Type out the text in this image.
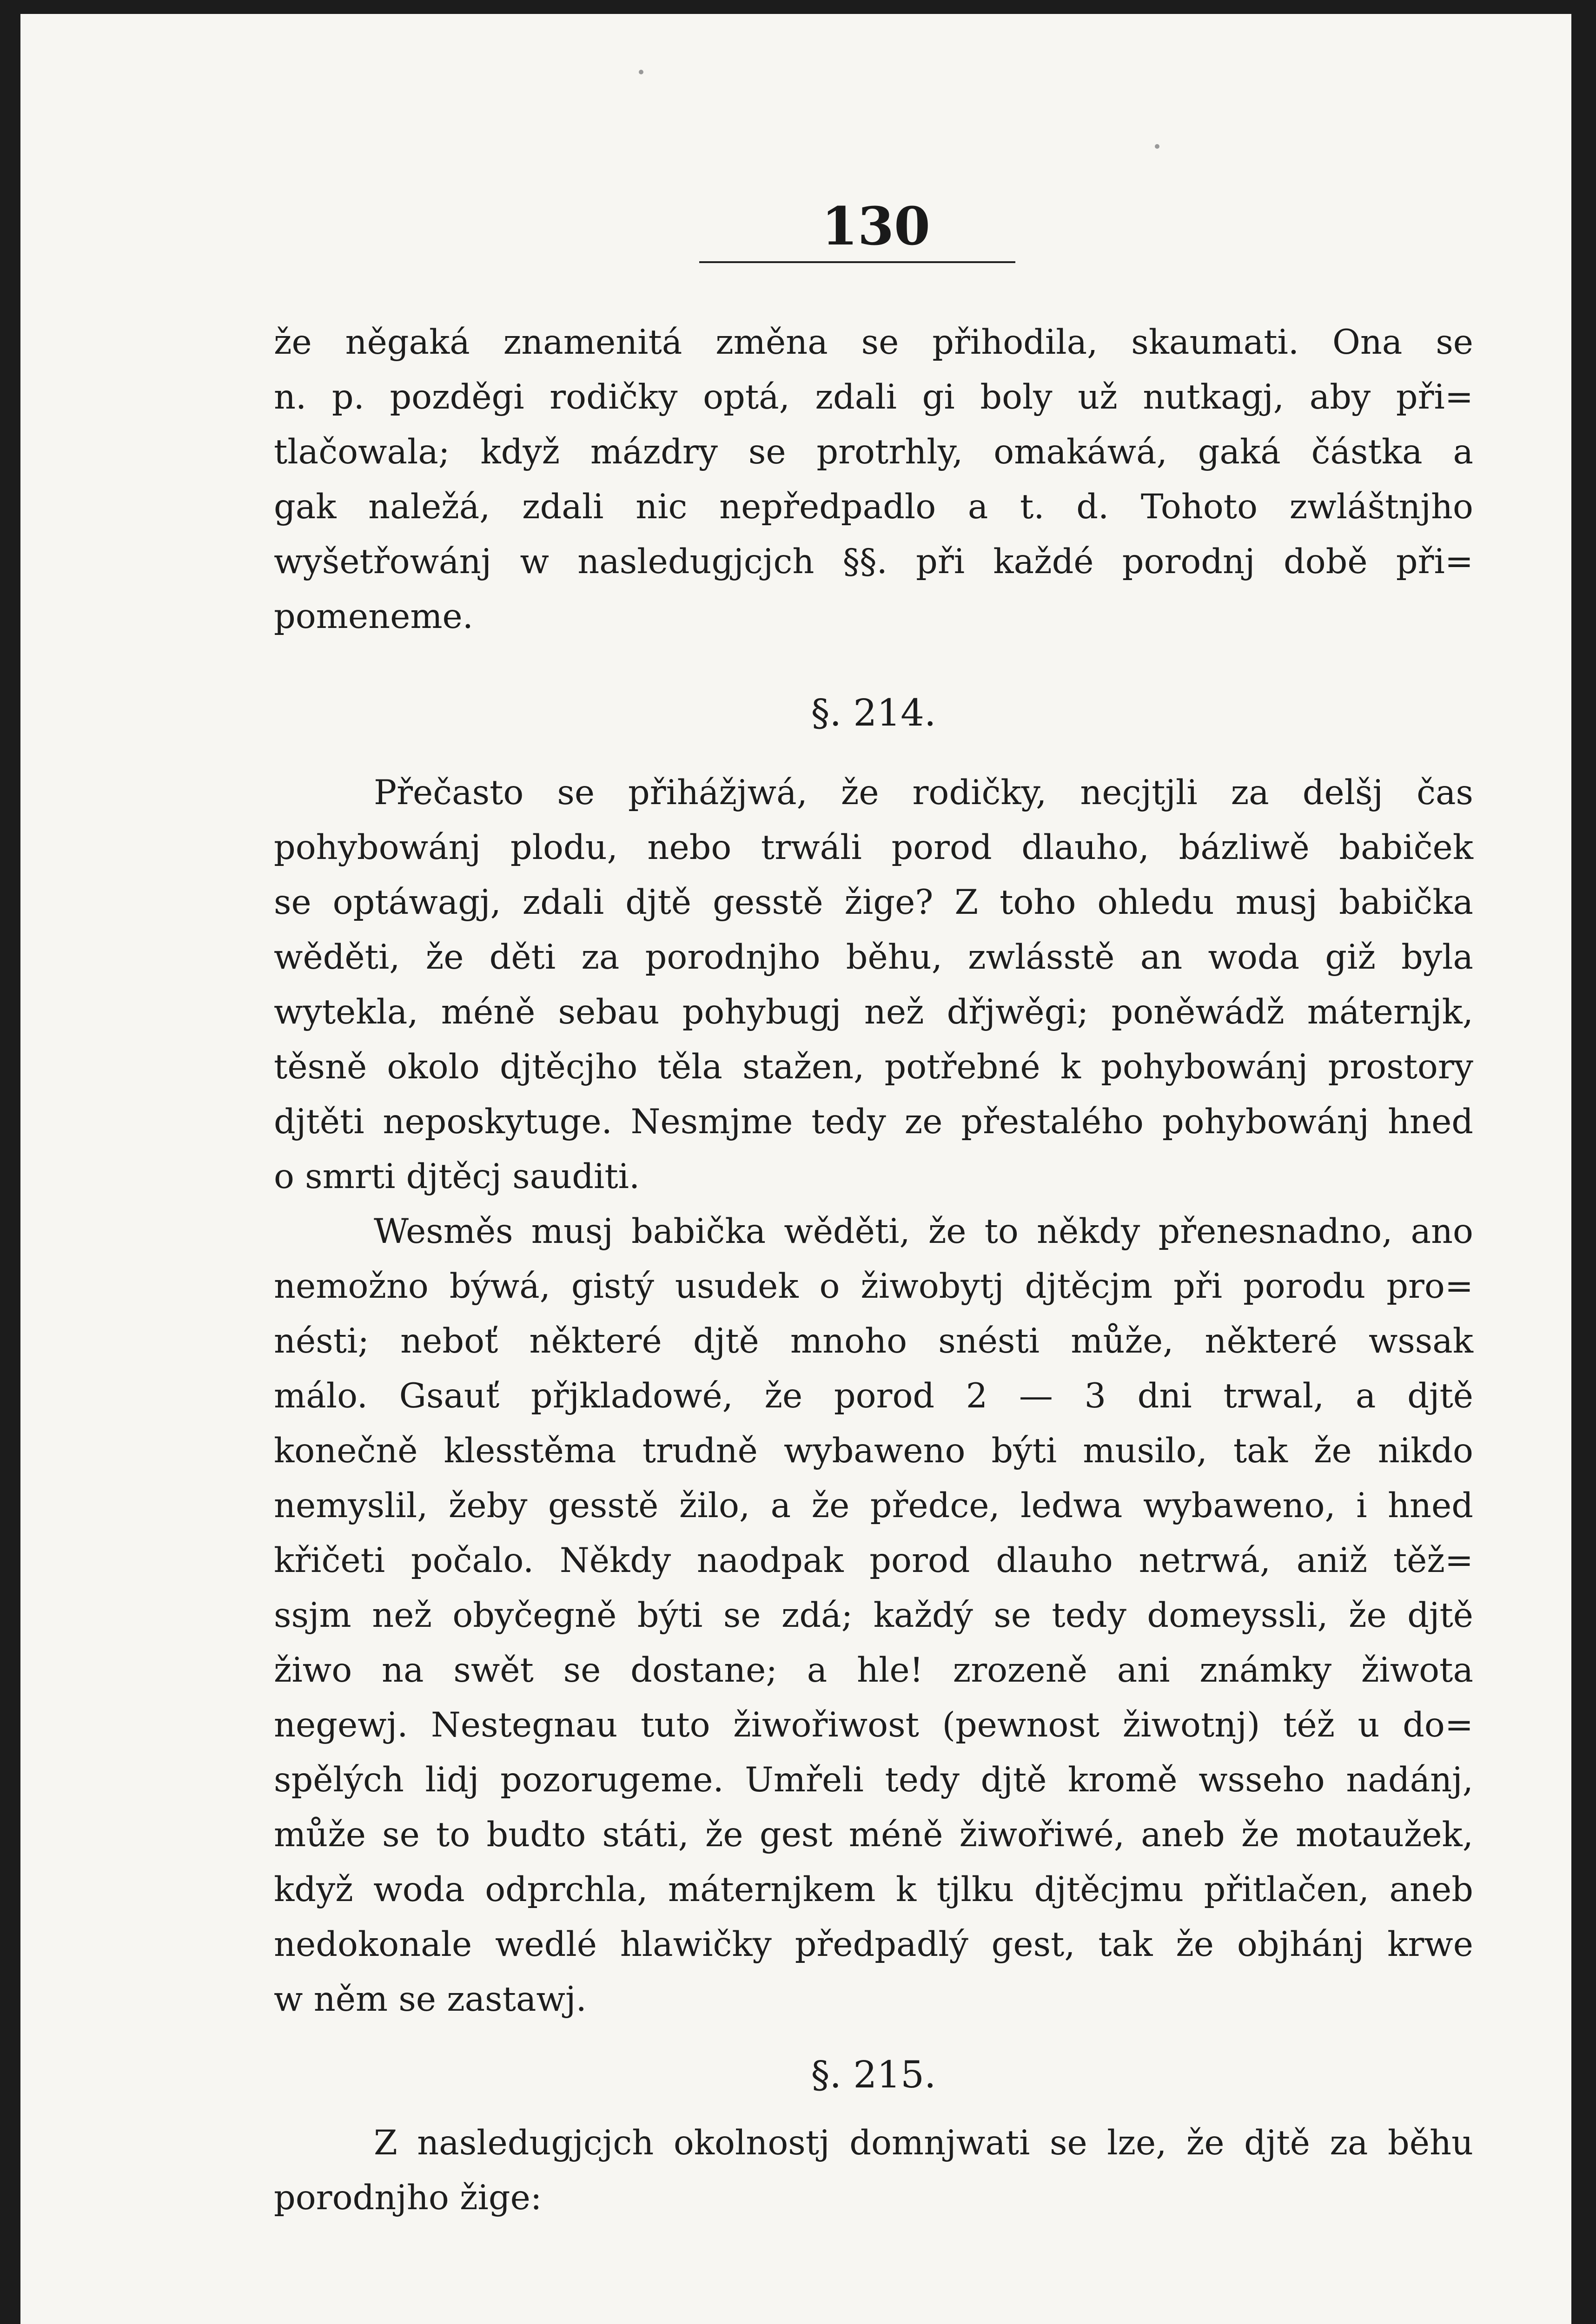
130

že něgaká znamenitá změna se přihodila, skaumati. Ona se

n. p. pozděgi rodičky optá, zdali gi boly už nutkagj, aby při=

tlačowala; když mázdry se protrhly, omakáwá, gaká částka a

gak naležá, zdali nic nepředpadlo a t. d. Tohoto zwláštnjho

wyšetřowánj w nasledugjcjch §§. při každé porodnj době při=

pomeneme.

§. 214.

Přečasto se přihážjwá, že rodičky, necjtjli za delšj čas

pohybowánj plodu, nebo trwáli porod dlauho, bázliwě babiček

se optáwagj, zdali djtě gesstě žige? Z toho ohledu musj babička

wěděti, že děti za porodnjho běhu, zwlásstě an woda giž byla

wytekla, méně sebau pohybugj než dřjwěgi; poněwádž máternjk,

těsně okolo djtěcjho těla stažen, potřebné k pohybowánj prostory

djtěti neposkytuge. Nesmjme tedy ze přestalého pohybowánj hned

o smrti djtěcj sauditi.

Wesměs musj babička wěděti, že to někdy přenesnadno, ano

nemožno býwá, gistý usudek o žiwobytj djtěcjm při porodu pro=

nésti; neboť některé djtě mnoho snésti může, některé wssak

málo. Gsauť přjkladowé, že porod 2 — 3 dni trwal, a djtě

konečně klesstěma trudně wybaweno býti musilo, tak že nikdo

nemyslil, žeby gesstě žilo, a že předce, ledwa wybaweno, i hned

křičeti počalo. Někdy naodpak porod dlauho netrwá, aniž těž=

ssjm než obyčegně býti se zdá; každý se tedy domeyssli, že djtě

žiwo na swět se dostane; a hle! zrozeně ani známky žiwota

negewj. Nestegnau tuto žiwořiwost (pewnost žiwotnj) též u do=

spělých lidj pozorugeme. Umřeli tedy djtě kromě wsseho nadánj,

může se to budto státi, že gest méně žiwořiwé, aneb že motaužek,

když woda odprchla, máternjkem k tjlku djtěcjmu přitlačen, aneb

nedokonale wedlé hlawičky předpadlý gest, tak že objhánj krwe

w něm se zastawj.

§. 215.

Z nasledugjcjch okolnostj domnjwati se lze, že djtě za běhu

porodnjho žige:
